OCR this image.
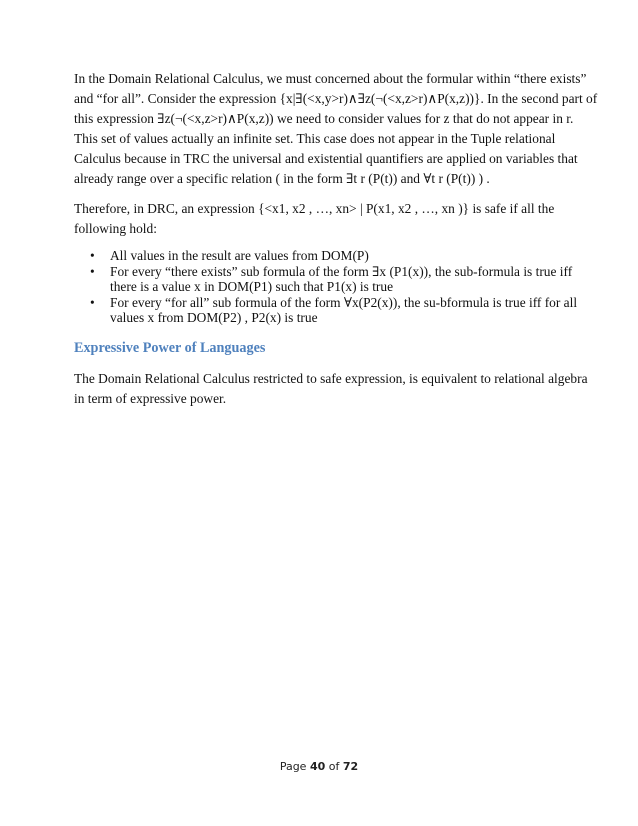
In the Domain Relational Calculus, we must concerned about the formular within “there exists”
and “for all”. Consider the expression {x|∃(<x,y>r)∧∃z(¬(<x,z>r)∧P(x,z))}. In the second part of
this expression ∃z(¬(<x,z>r)∧P(x,z)) we need to consider values for z that do not appear in r.
This set of values actually an infinite set. This case does not appear in the Tuple relational
Calculus because in TRC the universal and existential quantifiers are applied on variables that
already range over a specific relation ( in the form ∃t r (P(t)) and ∀t r (P(t)) ) .
Therefore, in DRC, an expression {<x1, x2 , …, xn> | P(x1, x2 , …, xn )} is safe if all the
following hold:
• All values in the result are values from DOM(P)
• For every “there exists” sub formula of the form ∃x (P1(x)), the sub-formula is true iff
there is a value x in DOM(P1) such that P1(x) is true
• For every “for all” sub formula of the form ∀x(P2(x)), the su-bformula is true iff for all
values x from DOM(P2) , P2(x) is true
Expressive Power of Languages
The Domain Relational Calculus restricted to safe expression, is equivalent to relational algebra
in term of expressive power.
Page 40 of 72
